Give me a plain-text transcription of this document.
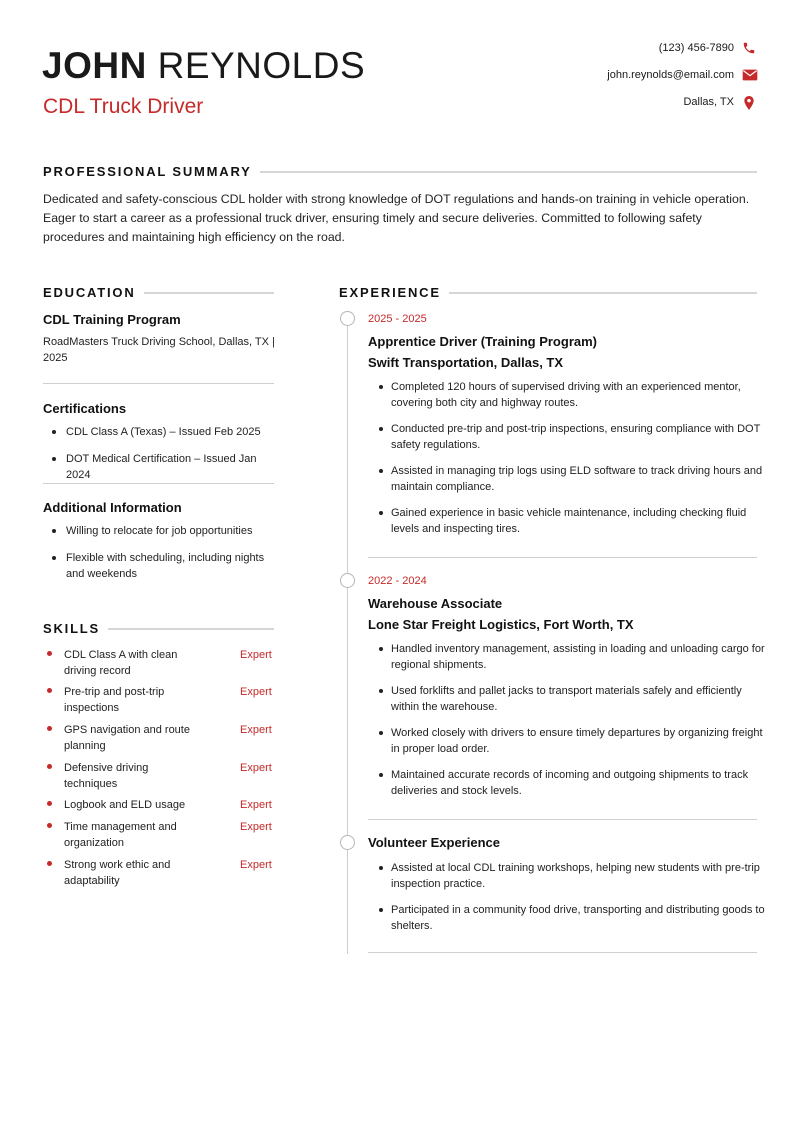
JOHN REYNOLDS
CDL Truck Driver
(123) 456-7890
john.reynolds@email.com
Dallas, TX
PROFESSIONAL SUMMARY

Dedicated and safety-conscious CDL holder with strong knowledge of DOT regulations and hands-on training in vehicle operation. Eager to start a career as a professional truck driver, ensuring timely and secure deliveries. Committed to following safety procedures and maintaining high efficiency on the road.

EDUCATION
CDL Training Program
RoadMasters Truck Driving School, Dallas, TX | 2025
Certifications
CDL Class A (Texas) – Issued Feb 2025
DOT Medical Certification – Issued Jan 2024
Additional Information
Willing to relocate for job opportunities
Flexible with scheduling, including nights and weekends
SKILLS
CDL Class A with clean driving record
Expert
Pre-trip and post-trip inspections
Expert
GPS navigation and route planning
Expert
Defensive driving techniques
Expert
Logbook and ELD usage	Expert
Time management and organization
Expert
Strong work ethic and adaptability
Expert
EXPERIENCE
2025 - 2025
Apprentice Driver (Training Program)
Swift Transportation, Dallas, TX
Completed 120 hours of supervised driving with an experienced mentor, covering both city and highway routes.
Conducted pre-trip and post-trip inspections, ensuring compliance with DOT safety regulations.
Assisted in managing trip logs using ELD software to track driving hours and maintain compliance.
Gained experience in basic vehicle maintenance, including checking fluid levels and inspecting tires.
2022 - 2024
Warehouse Associate
Lone Star Freight Logistics, Fort Worth, TX
Handled inventory management, assisting in loading and unloading cargo for regional shipments.
Used forklifts and pallet jacks to transport materials safely and efficiently within the warehouse.
Worked closely with drivers to ensure timely departures by organizing freight in proper load order.
Maintained accurate records of incoming and outgoing shipments to track deliveries and stock levels.
Volunteer Experience
Assisted at local CDL training workshops, helping new students with pre-trip inspection practice.
Participated in a community food drive, transporting and distributing goods to shelters.
